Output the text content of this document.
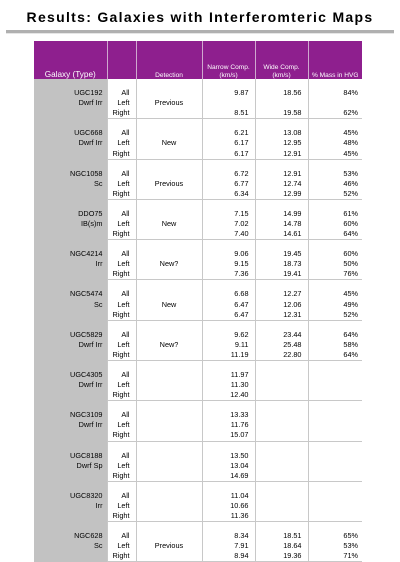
Results: Galaxies with Interferomteric Maps
Galaxy (Type)		Detection	Narrow Comp. (km/s)	Wide Comp. (km/s)	% Mass in HVG

UGC192	All		9.87	18.56	84%
Dwrf Irr	Left	Previous			
	Right		8.51	19.58	62%

UGC668	All		6.21	13.08	45%
Dwrf Irr	Left	New	6.17	12.95	48%
	Right		6.17	12.91	45%

NGC1058	All		6.72	12.91	53%
Sc	Left	Previous	6.77	12.74	46%
	Right		6.34	12.99	52%

DDO75	All		7.15	14.99	61%
IB(s)m	Left	New	7.02	14.78	60%
	Right		7.40	14.61	64%

NGC4214	All		9.06	19.45	60%
Irr	Left	New?	9.15	18.73	50%
	Right		7.36	19.41	76%

NGC5474	All		6.68	12.27	45%
Sc	Left	New	6.47	12.06	49%
	Right		6.47	12.31	52%

UGC5829	All		9.62	23.44	64%
Dwrf Irr	Left	New?	9.11	25.48	58%
	Right		11.19	22.80	64%

UGC4305	All		11.97		
Dwrf Irr	Left		11.30		
	Right		12.40		

NGC3109	All		13.33		
Dwrf Irr	Left		11.76		
	Right		15.07		

UGC8188	All		13.50		
Dwrf Sp	Left		13.04		
	Right		14.69		

UGC8320	All		11.04		
Irr	Left		10.66		
	Right		11.36		

NGC628	All		8.34	18.51	65%
Sc	Left	Previous	7.91	18.64	53%
	Right		8.94	19.36	71%
